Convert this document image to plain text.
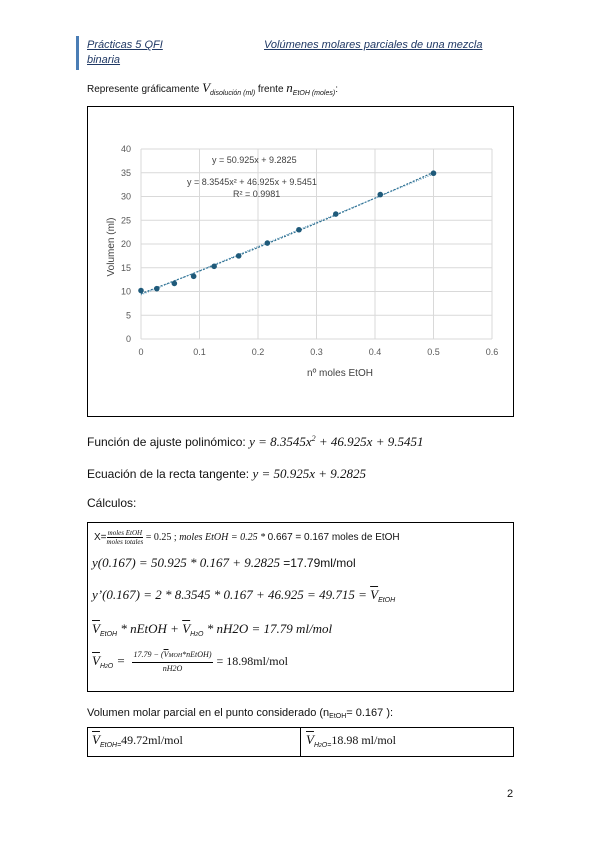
Prácticas 5 QFI	Volúmenes molares parciales de una mezcla
binaria
Represente gráficamente $V_{disolución (ml)}$ frente $n_{EtOH (moles)}$:
0
5
10
15
20
25
30
35
40
0	0.1	0.2	0.3	0.4	0.5	0.6
y = 50.925x + 9.2825
y = 8.3545x² + 46.925x + 9.5451
R² = 0.9981
nº moles EtOH
Volumen (ml)
Función de ajuste polinómico: $y = 8.3545x^2 + 46.925x + 9.5451$
Ecuación de la recta tangente: y = 50.925x + 9.2825
Cálculos:
X= moles EtOH
moles totales = 0.25 ; moles EtOH = 0.25 * 0.667 = 0.167 moles de EtOH
y(0.167) = 50.925 * 0.167 + 9.2825 =17.79ml/mol
y’(0.167) = $2 * 8.3545 * 0.167 + 46.925 = 49.715 = \overline{V}_{EtOH}$
$\overline{V}_{EtOH}$ * nEtOH + $\overline{V}_{H2O} * nH2O = 17.79$ ml/mol
$\overline{V}_{H2O} = 17.79$ − $(\overline{V}MOH*nEtOH)$
nH2O
= 18.98ml/mol
Volumen molar parcial en el punto considerado (nEtOH= 0.167 ):
$\overline{V}_{EtOH=}49.72ml$/mol	$\overline{V}_{H2O=}18.98$ ml/mol
2
